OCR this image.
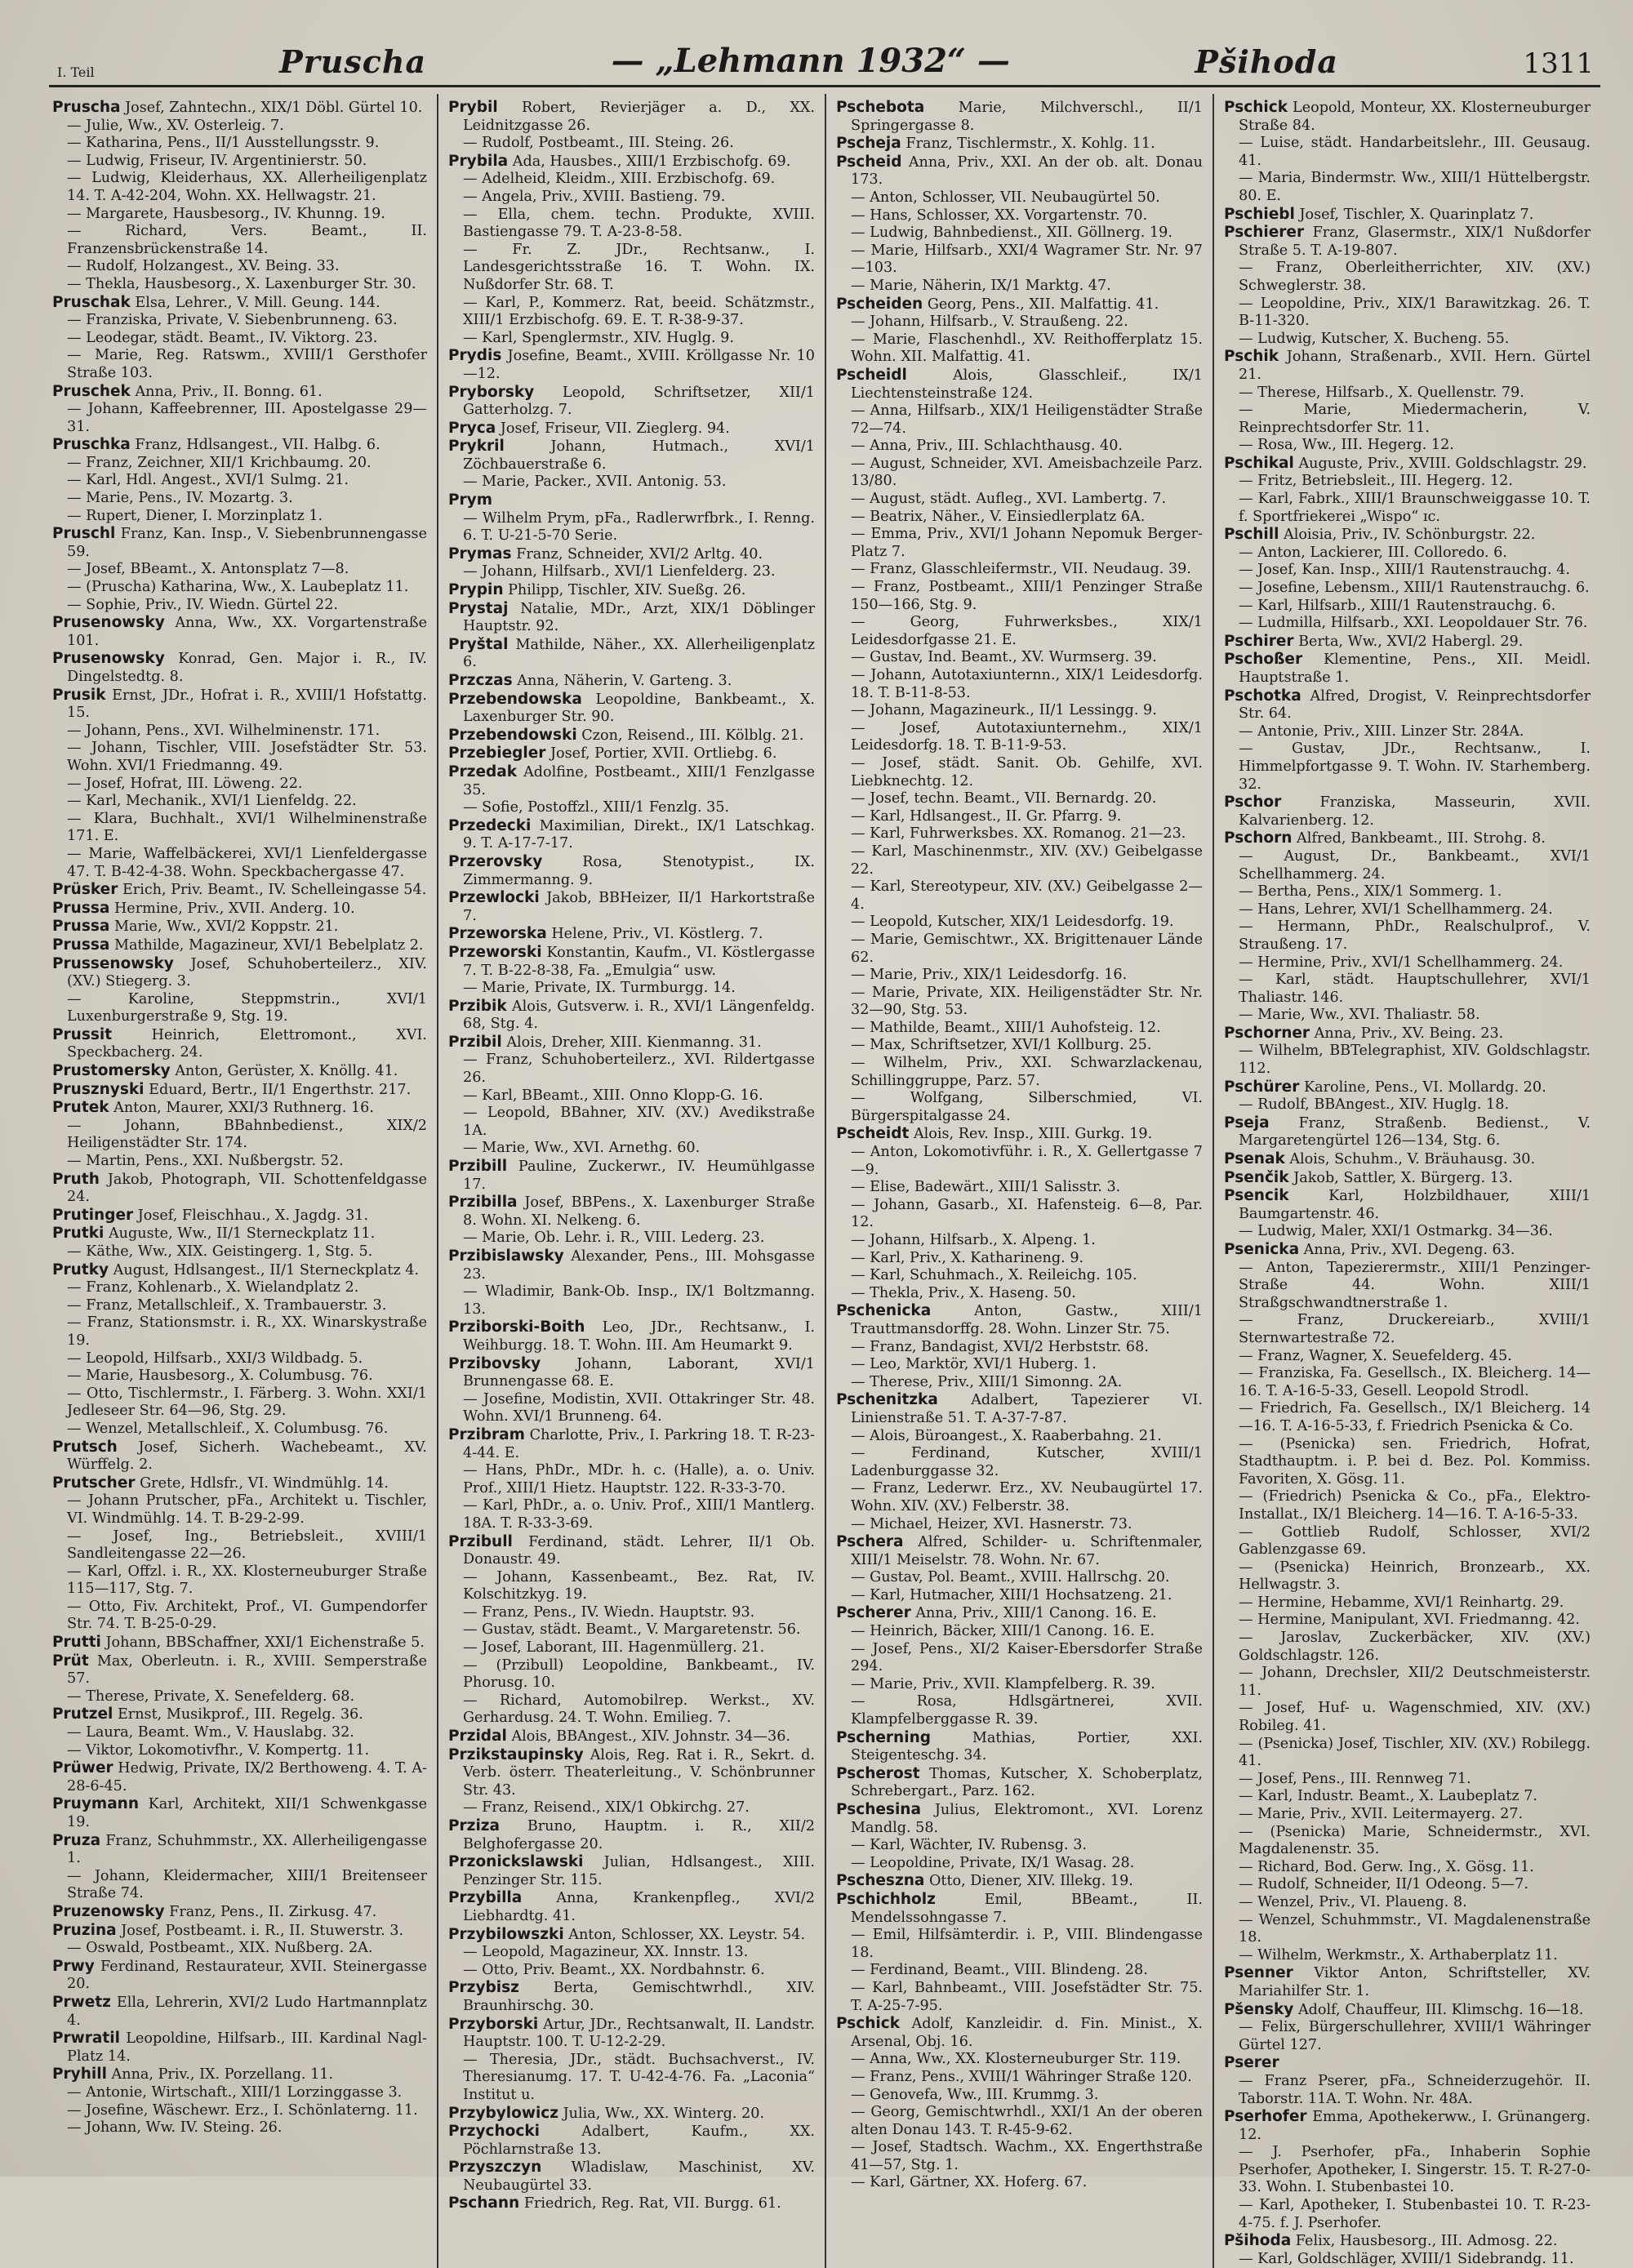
I. Teil	Pruscha	— „Lehmann 1932“ —	Pšihoda	1311

Pruscha Josef, Zahntechn., XIX/1 Döbl. Gürtel 10.

— Julie, Ww., XV. Osterleig. 7.

— Katharina, Pens., II/1 Ausstellungsstr. 9.

— Ludwig, Friseur, IV. Argentinierstr. 50.

— Ludwig, Kleiderhaus, XX. Allerheiligenplatz 14. T. A-42-204, Wohn. XX. Hellwagstr. 21.

— Margarete, Hausbesorg., IV. Khunng. 19.

— Richard, Vers. Beamt., II. Franzensbrückenstraße 14.

— Rudolf, Holzangest., XV. Being. 33.

— Thekla, Hausbesorg., X. Laxenburger Str. 30.

Pruschak Elsa, Lehrer., V. Mill. Geung. 144.

— Franziska, Private, V. Siebenbrunneng. 63.

— Leodegar, städt. Beamt., IV. Viktorg. 23.

— Marie, Reg. Ratswm., XVIII/1 Gersthofer Straße 103.

Pruschek Anna, Priv., II. Bonng. 61.

— Johann, Kaffeebrenner, III. Apostelgasse 29—31.

Pruschka Franz, Hdlsangest., VII. Halbg. 6.

— Franz, Zeichner, XII/1 Krichbaumg. 20.

— Karl, Hdl. Angest., XVI/1 Sulmg. 21.

— Marie, Pens., IV. Mozartg. 3.

— Rupert, Diener, I. Morzinplatz 1.

Pruschl Franz, Kan. Insp., V. Siebenbrunnengasse 59.

— Josef, BBeamt., X. Antonsplatz 7—8.

— (Pruscha) Katharina, Ww., X. Laubeplatz 11.

— Sophie, Priv., IV. Wiedn. Gürtel 22.

Prusenowsky Anna, Ww., XX. Vorgartenstraße 101.

Prusenowsky Konrad, Gen. Major i. R., IV. Dingelstedtg. 8.

Prusik Ernst, JDr., Hofrat i. R., XVIII/1 Hofstattg. 15.

— Johann, Pens., XVI. Wilhelminenstr. 171.

— Johann, Tischler, VIII. Josefstädter Str. 53. Wohn. XVI/1 Friedmanng. 49.

— Josef, Hofrat, III. Löweng. 22.

— Karl, Mechanik., XVI/1 Lienfeldg. 22.

— Klara, Buchhalt., XVI/1 Wilhelminenstraße 171. E.

— Marie, Waffelbäckerei, XVI/1 Lienfeldergasse 47. T. B-42-4-38. Wohn. Speckbachergasse 47.

Prüsker Erich, Priv. Beamt., IV. Schelleingasse 54.

Prussa Hermine, Priv., XVII. Anderg. 10.

Prussa Marie, Ww., XVI/2 Koppstr. 21.

Prussa Mathilde, Magazineur, XVI/1 Bebelplatz 2.

Prussenowsky Josef, Schuhoberteilerz., XIV. (XV.) Stiegerg. 3.

— Karoline, Steppmstrin., XVI/1 Luxenburgerstraße 9, Stg. 19.

Prussit	Heinrich, Elettromont., XVI. Speckbacherg. 24.

Prustomersky Anton, Gerüster, X. Knöllg. 41.

Prusznyski Eduard, Bertr., II/1 Engerthstr. 217.

Prutek Anton, Maurer, XXI/3 Ruthnerg. 16.

— Johann, BBahnbedienst., XIX/2 Heiligenstädter Str. 174.

— Martin, Pens., XXI. Nußbergstr. 52.

Pruth Jakob, Photograph, VII. Schottenfeldgasse 24.

Prutinger Josef, Fleischhau., X. Jagdg. 31.

Prutki Auguste, Ww., II/1 Sterneckplatz 11.

— Käthe, Ww., XIX. Geistingerg. 1, Stg. 5.

Prutky August, Hdlsangest., II/1 Sterneckplatz 4.

— Franz, Kohlenarb., X. Wielandplatz 2.

— Franz, Metallschleif., X. Trambauerstr. 3.

— Franz, Stationsmstr. i. R., XX. Winarskystraße 19.

— Leopold, Hilfsarb., XXI/3 Wildbadg. 5.

— Marie, Hausbesorg., X. Columbusg. 76.

— Otto, Tischlermstr., I. Färberg. 3. Wohn. XXI/1 Jedleseer Str. 64—96, Stg. 29.

— Wenzel, Metallschleif., X. Columbusg. 76.

Prutsch Josef, Sicherh. Wachebeamt., XV. Würffelg. 2.

Prutscher Grete, Hdlsfr., VI. Windmühlg. 14.

— Johann Prutscher, pFa., Architekt u. Tischler, VI. Windmühlg. 14. T. B-29-2-99.

— Josef, Ing., Betriebsleit., XVIII/1 Sandleitengasse 22—26.

— Karl, Offzl. i. R., XX. Klosterneuburger Straße 115—117, Stg. 7.

— Otto, Fiv. Architekt, Prof., VI. Gumpendorfer Str. 74. T. B-25-0-29.

Prutti Johann, BBSchaffner, XXI/1 Eichenstraße 5.

Prüt Max, Oberleutn. i. R., XVIII. Semperstraße 57.

— Therese, Private, X. Senefelderg. 68.

Prutzel Ernst, Musikprof., III. Regelg. 36.

— Laura, Beamt. Wm., V. Hauslabg. 32.

— Viktor, Lokomotivfhr., V. Kompertg. 11.

Prüwer Hedwig, Private, IX/2 Berthoweng. 4. T. A-28-6-45.

Pruymann Karl, Architekt, XII/1 Schwenkgasse 19.

Pruza Franz, Schuhmmstr., XX. Allerheiligengasse 1.

— Johann, Kleidermacher, XIII/1 Breitenseer Straße 74.

Pruzenowsky Franz, Pens., II. Zirkusg. 47.

Pruzina Josef, Postbeamt. i. R., II. Stuwerstr. 3.

— Oswald, Postbeamt., XIX. Nußberg. 2A.

Prwy Ferdinand, Restaurateur, XVII. Steinergasse 20.

Prwetz Ella, Lehrerin, XVI/2 Ludo Hartmannplatz 4.

Prwratil Leopoldine, Hilfsarb., III. Kardinal Nagl-Platz 14.

Pryhill Anna, Priv., IX. Porzellang. 11.

— Antonie, Wirtschaft., XIII/1 Lorzinggasse 3.

— Josefine, Wäschewr. Erz., I. Schönlaterng. 11.

— Johann, Ww. IV. Steing. 26.

Prybil Robert, Revierjäger a. D., XX. Leidnitzgasse 26.

— Rudolf, Postbeamt., III. Steing. 26.

Prybila Ada, Hausbes., XIII/1 Erzbischofg. 69.

— Adelheid, Kleidm., XIII. Erzbischofg. 69.

— Angela, Priv., XVIII. Bastieng. 79.

— Ella, chem. techn. Produkte, XVIII. Bastiengasse 79. T. A-23-8-58.

— Fr. Z. JDr., Rechtsanw., I. Landesgerichtsstraße 16. T. Wohn. IX. Nußdorfer Str. 68. T.

— Karl, P., Kommerz. Rat, beeid. Schätzmstr., XIII/1 Erzbischofg. 69. E. T. R-38-9-37.

— Karl, Spenglermstr., XIV. Huglg. 9.

Prydis Josefine, Beamt., XVIII. Kröllgasse Nr. 10—12.

Pryborsky Leopold, Schriftsetzer, XII/1 Gatterholzg. 7.

Pryca Josef, Friseur, VII. Zieglerg. 94.

Prykril	Johann, Hutmach., XVI/1 Zöchbauerstraße 6.

— Marie, Packer., XVII. Antonig. 53.

Prym

— Wilhelm Prym, pFa., Radlerwrfbrk., I. Renng. 6. T. U-21-5-70 Serie.

Prymas Franz, Schneider, XVI/2 Arltg. 40.

— Johann, Hilfsarb., XVI/1 Lienfelderg. 23.

Prypin Philipp, Tischler, XIV. Sueßg. 26.

Prystaj Natalie, MDr., Arzt, XIX/1 Döblinger Hauptstr. 92.

Pryštal Mathilde, Näher., XX. Allerheiligenplatz 6.

Przczas Anna, Näherin, V. Garteng. 3.

Przebendowska Leopoldine, Bankbeamt., X. Laxenburger Str. 90.

Przebendowski Czon, Reisend., III. Kölblg. 21.

Przebiegler Josef, Portier, XVII. Ortliebg. 6.

Przedak Adolfine, Postbeamt., XIII/1 Fenzlgasse 35.

— Sofie, Postoffzl., XIII/1 Fenzlg. 35.

Przedecki Maximilian, Direkt., IX/1 Latschkag. 9. T. A-17-7-17.

Przerovsky	Rosa, Stenotypist., IX. Zimmermanng. 9.

Przewlocki Jakob, BBHeizer, II/1 Harkortstraße 7.

Przeworska Helene, Priv., VI. Köstlerg. 7.

Przeworski Konstantin, Kaufm., VI. Köstlergasse 7. T. B-22-8-38, Fa. „Emulgia“ usw.

— Marie, Private, IX. Turmburgg. 14.

Przibik Alois, Gutsverw. i. R., XVI/1 Längenfeldg. 68, Stg. 4.

Przibil Alois, Dreher, XIII. Kienmanng. 31.

— Franz, Schuhoberteilerz., XVI. Rildertgasse 26.

— Karl, BBeamt., XIII. Onno Klopp-G. 16.

— Leopold, BBahner, XIV. (XV.) Avedikstraße 1A.

— Marie, Ww., XVI. Arnethg. 60.

Przibill Pauline, Zuckerwr., IV. Heumühlgasse 17.

Przibilla Josef, BBPens., X. Laxenburger Straße 8. Wohn. XI. Nelkeng. 6.

— Marie, Ob. Lehr. i. R., VIII. Lederg. 23.

Przibislawsky Alexander, Pens., III. Mohsgasse 23.

— Wladimir, Bank-Ob. Insp., IX/1 Boltzmanng. 13.

Prziborski-Boith Leo, JDr., Rechtsanw., I. Weihburgg. 18. T. Wohn. III. Am Heumarkt 9.

Przibovsky Johann, Laborant, XVI/1 Brunnengasse 68. E.

— Josefine, Modistin, XVII. Ottakringer Str. 48. Wohn. XVI/1 Brunneng. 64.

Przibram Charlotte, Priv., I. Parkring 18. T. R-23-4-44. E.

— Hans, PhDr., MDr. h. c. (Halle), a. o. Univ. Prof., XIII/1 Hietz. Hauptstr. 122. R-33-3-70.

— Karl, PhDr., a. o. Univ. Prof., XIII/1 Mantlerg. 18A. T. R-33-3-69.

Przibull Ferdinand, städt. Lehrer, II/1 Ob. Donaustr. 49.

— Johann, Kassenbeamt., Bez. Rat, IV. Kolschitzkyg. 19.

— Franz, Pens., IV. Wiedn. Hauptstr. 93.

— Gustav, städt. Beamt., V. Margaretenstr. 56.

— Josef, Laborant, III. Hagenmüllerg. 21.

— (Przibull) Leopoldine, Bankbeamt., IV. Phorusg. 10.

— Richard, Automobilrep. Werkst., XV. Gerhardusg. 24. T. Wohn. Emilieg. 7.

Przidal Alois, BBAngest., XIV. Johnstr. 34—36.

Przikstaupinsky Alois, Reg. Rat i. R., Sekrt. d. Verb. österr. Theaterleitung., V. Schönbrunner Str. 43.

— Franz, Reisend., XIX/1 Obkirchg. 27.

Prziza Bruno, Hauptm. i. R., XII/2 Belghofergasse 20.

Przonickslawski Julian, Hdlsangest., XIII. Penzinger Str. 115.

Przybilla Anna, Krankenpfleg., XVI/2 Liebhardtg. 41.

Przybilowszki Anton, Schlosser, XX. Leystr. 54.

— Leopold, Magazineur, XX. Innstr. 13.

— Otto, Priv. Beamt., XX. Nordbahnstr. 6.

Przybisz Berta, Gemischtwrhdl., XIV. Braunhirschg. 30.

Przyborski Artur, JDr., Rechtsanwalt, II. Landstr. Hauptstr. 100. T. U-12-2-29.

— Theresia, JDr., städt. Buchsachverst., IV. Theresianumg. 17. T. U-42-4-76. Fa. „Laconia“ Institut u.

Przybylowicz Julia, Ww., XX. Winterg. 20.

Przychocki	Adalbert, Kaufm., XX. Pöchlarnstraße 13.

Przyszczyn Wladislaw, Maschinist, XV. Neubaugürtel 33.

Pschann Friedrich, Reg. Rat, VII. Burgg. 61.

Pschebota Marie, Milchverschl., II/1 Springergasse 8.

Pscheja Franz, Tischlermstr., X. Kohlg. 11.

Pscheid Anna, Priv., XXI. An der ob. alt. Donau 173.

— Anton, Schlosser, VII. Neubaugürtel 50.

— Hans, Schlosser, XX. Vorgartenstr. 70.

— Ludwig, Bahnbedienst., XII. Göllnerg. 19.

— Marie, Hilfsarb., XXI/4 Wagramer Str. Nr. 97—103.

— Marie, Näherin, IX/1 Marktg. 47.

Pscheiden Georg, Pens., XII. Malfattig. 41.

— Johann, Hilfsarb., V. Straußeng. 22.

— Marie, Flaschenhdl., XV. Reithofferplatz 15. Wohn. XII. Malfattig. 41.

Pscheidl	Alois, Glasschleif., IX/1 Liechtensteinstraße 124.

— Anna, Hilfsarb., XIX/1 Heiligenstädter Straße 72—74.

— Anna, Priv., III. Schlachthausg. 40.

— August, Schneider, XVI. Ameisbachzeile Parz. 13/80.

— August, städt. Aufleg., XVI. Lambertg. 7.

— Beatrix, Näher., V. Einsiedlerplatz 6A.

— Emma, Priv., XVI/1 Johann Nepomuk Berger-Platz 7.

— Franz, Glasschleifermstr., VII. Neudaug. 39.

— Franz, Postbeamt., XIII/1 Penzinger Straße 150—166, Stg. 9.

— Georg, Fuhrwerksbes., XIX/1 Leidesdorfgasse 21. E.

— Gustav, Ind. Beamt., XV. Wurmserg. 39.

— Johann, Autotaxiunternn., XIX/1 Leidesdorfg. 18. T. B-11-8-53.

— Johann, Magazineurk., II/1 Lessingg. 9.

— Josef, Autotaxiunternehm., XIX/1 Leidesdorfg. 18. T. B-11-9-53.

— Josef, städt. Sanit. Ob. Gehilfe, XVI. Liebknechtg. 12.

— Josef, techn. Beamt., VII. Bernardg. 20.

— Karl, Hdlsangest., II. Gr. Pfarrg. 9.

— Karl, Fuhrwerksbes. XX. Romanog. 21—23.

— Karl, Maschinenmstr., XIV. (XV.) Geibelgasse 22.

— Karl, Stereotypeur, XIV. (XV.) Geibelgasse 2—4.

— Leopold, Kutscher, XIX/1 Leidesdorfg. 19.

— Marie, Gemischtwr., XX. Brigittenauer Lände 62.

— Marie, Priv., XIX/1 Leidesdorfg. 16.

— Marie, Private, XIX. Heiligenstädter Str. Nr. 32—90, Stg. 53.

— Mathilde, Beamt., XIII/1 Auhofsteig. 12.

— Max, Schriftsetzer, XVI/1 Kollburg. 25.

— Wilhelm, Priv., XXI. Schwarzlackenau, Schillinggruppe, Parz. 57.

— Wolfgang, Silberschmied, VI. Bürgerspitalgasse 24.

Pscheidt Alois, Rev. Insp., XIII. Gurkg. 19.

— Anton, Lokomotivführ. i. R., X. Gellertgasse 7—9.

— Elise, Badewärt., XIII/1 Salisstr. 3.

— Johann, Gasarb., XI. Hafensteig. 6—8, Par. 12.

— Johann, Hilfsarb., X. Alpeng. 1.

— Karl, Priv., X. Katharineng. 9.

— Karl, Schuhmach., X. Reileichg. 105.

— Thekla, Priv., X. Haseng. 50.

Pschenicka	Anton, Gastw., XIII/1 Trauttmansdorffg. 28. Wohn. Linzer Str. 75.

— Franz, Bandagist, XVI/2 Herbststr. 68.

— Leo, Marktör, XVI/1 Huberg. 1.

— Therese, Priv., XIII/1 Simonng. 2A.

Pschenitzka Adalbert, Tapezierer VI. Linienstraße 51. T. A-37-7-87.

— Alois, Büroangest., X. Raaberbahng. 21.

— Ferdinand, Kutscher, XVIII/1 Ladenburggasse 32.

— Franz, Lederwr. Erz., XV. Neubaugürtel 17. Wohn. XIV. (XV.) Felberstr. 38.

— Michael, Heizer, XVI. Hasnerstr. 73.

Pschera Alfred, Schilder- u. Schriftenmaler, XIII/1 Meiselstr. 78. Wohn. Nr. 67.

— Gustav, Pol. Beamt., XVIII. Hallrschg. 20.

— Karl, Hutmacher, XIII/1 Hochsatzeng. 21.

Pscherer Anna, Priv., XIII/1 Canong. 16. E.

— Heinrich, Bäcker, XIII/1 Canong. 16. E.

— Josef, Pens., XI/2 Kaiser-Ebersdorfer Straße 294.

— Marie, Priv., XVII. Klampfelberg. R. 39.

— Rosa, Hdlsgärtnerei, XVII. Klampfelberggasse R. 39.

Pscherning	Mathias, Portier, XXI. Steigenteschg. 34.

Pscherost Thomas, Kutscher, X. Schoberplatz, Schrebergart., Parz. 162.

Pschesina Julius, Elektromont., XVI. Lorenz Mandlg. 58.

— Karl, Wächter, IV. Rubensg. 3.

— Leopoldine, Private, IX/1 Wasag. 28.

Pscheszna Otto, Diener, XIV. Illekg. 19.

Pschichholz	Emil, BBeamt., II. Mendelssohngasse 7.

— Emil, Hilfsämterdir. i. P., VIII. Blindengasse 18.

— Ferdinand, Beamt., VIII. Blindeng. 28.

— Karl, Bahnbeamt., VIII. Josefstädter Str. 75. T. A-25-7-95.

Pschick Adolf, Kanzleidir. d. Fin. Minist., X. Arsenal, Obj. 16.

— Anna, Ww., XX. Klosterneuburger Str. 119.

— Franz, Pens., XVIII/1 Währinger Straße 120.

— Genovefa, Ww., III. Krummg. 3.

— Georg, Gemischtwrhdl., XXI/1 An der oberen alten Donau 143. T. R-45-9-62.

— Josef, Stadtsch. Wachm., XX. Engerthstraße 41—57, Stg. 1.

— Karl, Gärtner, XX. Hoferg. 67.

Pschick Leopold, Monteur, XX. Klosterneuburger Straße 84.

— Luise, städt. Handarbeitslehr., III. Geusaug. 41.

— Maria, Bindermstr. Ww., XIII/1 Hüttelbergstr. 80. E.

Pschiebl Josef, Tischler, X. Quarinplatz 7.

Pschierer Franz, Glasermstr., XIX/1 Nußdorfer Straße 5. T. A-19-807.

— Franz, Oberleitherrichter, XIV. (XV.) Schweglerstr. 38.

— Leopoldine, Priv., XIX/1 Barawitzkag. 26. T. B-11-320.

— Ludwig, Kutscher, X. Bucheng. 55.

Pschik Johann, Straßenarb., XVII. Hern. Gürtel 21.

— Therese, Hilfsarb., X. Quellenstr. 79.

— Marie, Miedermacherin, V. Reinprechtsdorfer Str. 11.

— Rosa, Ww., III. Hegerg. 12.

Pschikal Auguste, Priv., XVIII. Goldschlagstr. 29.

— Fritz, Betriebsleit., III. Hegerg. 12.

— Karl, Fabrk., XIII/1 Braunschweiggasse 10. T. f. Sportfriekerei „Wispo“ ɪc.

Pschill Aloisia, Priv., IV. Schönburgstr. 22.

— Anton, Lackierer, III. Colloredo. 6.

— Josef, Kan. Insp., XIII/1 Rautenstrauchg. 4.

— Josefine, Lebensm., XIII/1 Rautenstrauchg. 6.

— Karl, Hilfsarb., XIII/1 Rautenstrauchg. 6.

— Ludmilla, Hilfsarb., XXI. Leopoldauer Str. 76.

Pschirer Berta, Ww., XVI/2 Habergl. 29.

Pschoßer Klementine, Pens., XII. Meidl. Hauptstraße 1.

Pschotka Alfred, Drogist, V. Reinprechtsdorfer Str. 64.

— Antonie, Priv., XIII. Linzer Str. 284A.

— Gustav, JDr., Rechtsanw., I. Himmelpfortgasse 9. T. Wohn. IV. Starhemberg. 32.

Pschor	Franziska, Masseurin, XVII. Kalvarienberg. 12.

Pschorn Alfred, Bankbeamt., III. Strohg. 8.

— August, Dr., Bankbeamt., XVI/1 Schellhammerg. 24.

— Bertha, Pens., XIX/1 Sommerg. 1.

— Hans, Lehrer, XVI/1 Schellhammerg. 24.

— Hermann, PhDr., Realschulprof., V. Straußeng. 17.

— Hermine, Priv., XVI/1 Schellhammerg. 24.

— Karl, städt. Hauptschullehrer, XVI/1 Thaliastr. 146.

— Marie, Ww., XVI. Thaliastr. 58.

Pschorner Anna, Priv., XV. Being. 23.

— Wilhelm, BBTelegraphist, XIV. Goldschlagstr. 112.

Pschürer Karoline, Pens., VI. Mollardg. 20.

— Rudolf, BBAngest., XIV. Huglg. 18.

Pseja Franz, Straßenb. Bedienst., V. Margaretengürtel 126—134, Stg. 6.

Psenak Alois, Schuhm., V. Bräuhausg. 30.

Psenčik Jakob, Sattler, X. Bürgerg. 13.

Psencik	Karl, Holzbildhauer, XIII/1 Baumgartenstr. 46.

— Ludwig, Maler, XXI/1 Ostmarkg. 34—36.

Psenicka Anna, Priv., XVI. Degeng. 63.

— Anton, Tapezierermstr., XIII/1 Penzinger-Straße 44. Wohn. XIII/1 Straßgschwandtnerstraße 1.

— Franz, Druckereiarb., XVIII/1 Sternwartestraße 72.

— Franz, Wagner, X. Seuefelderg. 45.

— Franziska, Fa. Gesellsch., IX. Bleicherg. 14—16. T. A-16-5-33, Gesell. Leopold Strodl.

— Friedrich, Fa. Gesellsch., IX/1 Bleicherg. 14—16. T. A-16-5-33, f. Friedrich Psenicka & Co.

— (Psenicka) sen. Friedrich, Hofrat, Stadthauptm. i. P. bei d. Bez. Pol. Kommiss. Favoriten, X. Gösg. 11.

— (Friedrich) Psenicka & Co., pFa., Elektro-Installat., IX/1 Bleicherg. 14—16. T. A-16-5-33.

— Gottlieb Rudolf, Schlosser, XVI/2 Gablenzgasse 69.

— (Psenicka) Heinrich, Bronzearb., XX. Hellwagstr. 3.

— Hermine, Hebamme, XVI/1 Reinhartg. 29.

— Hermine, Manipulant, XVI. Friedmanng. 42.

— Jaroslav, Zuckerbäcker, XIV. (XV.) Goldschlagstr. 126.

— Johann, Drechsler, XII/2 Deutschmeisterstr. 11.

— Josef, Huf- u. Wagenschmied, XIV. (XV.) Robileg. 41.

— (Psenicka) Josef, Tischler, XIV. (XV.) Robilegg. 41.

— Josef, Pens., III. Rennweg 71.

— Karl, Industr. Beamt., X. Laubeplatz 7.

— Marie, Priv., XVII. Leitermayerg. 27.

— (Psenicka) Marie, Schneidermstr., XVI. Magdalenenstr. 35.

— Richard, Bod. Gerw. Ing., X. Gösg. 11.

— Rudolf, Schneider, II/1 Odeong. 5—7.

— Wenzel, Priv., VI. Plaueng. 8.

— Wenzel, Schuhmmstr., VI. Magdalenenstraße 18.

— Wilhelm, Werkmstr., X. Arthaberplatz 11.

Psenner Viktor Anton, Schriftsteller, XV. Mariahilfer Str. 1.

Pšensky Adolf, Chauffeur, III. Klimschg. 16—18.

— Felix, Bürgerschullehrer, XVIII/1 Währinger Gürtel 127.

Pserer

— Franz Pserer, pFa., Schneiderzugehör. II. Taborstr. 11A. T. Wohn. Nr. 48A.

Pserhofer Emma, Apothekerww., I. Grünangerg. 12.

— J. Pserhofer, pFa., Inhaberin Sophie Pserhofer, Apotheker, I. Singerstr. 15. T. R-27-0-33. Wohn. I. Stubenbastei 10.

— Karl, Apotheker, I. Stubenbastei 10. T. R-23-4-75. f. J. Pserhofer.

Pšihoda Felix, Hausbesorg., III. Admosg. 22.

— Karl, Goldschläger, XVIII/1 Sidebrandg. 11.
